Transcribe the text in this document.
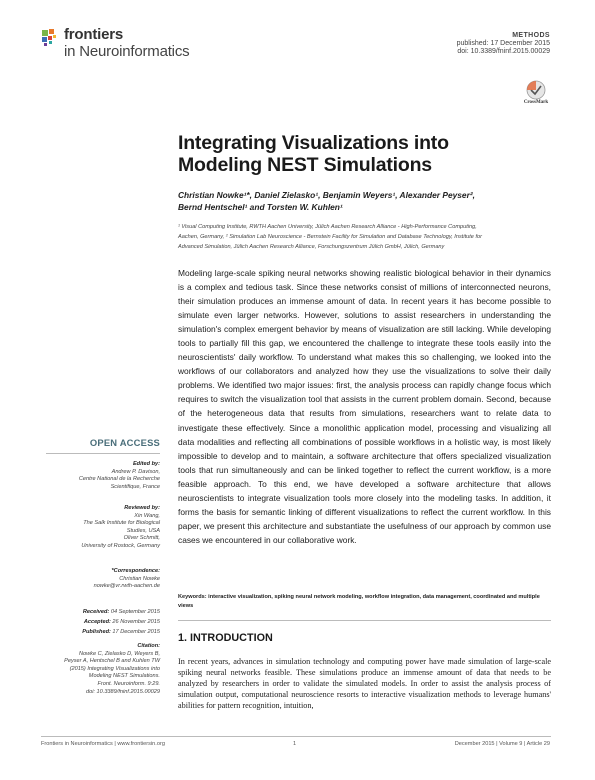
frontiers
in Neuroinformatics
METHODS
published: 17 December 2015
doi: 10.3389/fninf.2015.00029
CrossMark
Integrating Visualizations into
Modeling NEST Simulations
Christian Nowke¹*, Daniel Zielasko¹, Benjamin Weyers¹, Alexander Peyser²,
Bernd Hentschel¹ and Torsten W. Kuhlen¹
¹ Visual Computing Institute, RWTH Aachen University, Jülich Aachen Research Alliance - High-Performance Computing,
Aachen, Germany, ² Simulation Lab Neuroscience - Bernstein Facility for Simulation and Database Technology, Institute for
Advanced Simulation, Jülich Aachen Research Alliance, Forschungszentrum Jülich GmbH, Jülich, Germany

Modeling large-scale spiking neural networks showing realistic biological behavior in their dynamics is a complex and tedious task. Since these networks consist of millions of interconnected neurons, their simulation produces an immense amount of data. In recent years it has become possible to simulate even larger networks. However, solutions to assist researchers in understanding the simulation's complex emergent behavior by means of visualization are still lacking. While developing tools to partially fill this gap, we encountered the challenge to integrate these tools easily into the neuroscientists' daily workflow. To understand what makes this so challenging, we looked into the workflows of our collaborators and analyzed how they use the visualizations to solve their daily problems. We identified two major issues: first, the analysis process can rapidly change focus which requires to switch the visualization tool that assists in the current problem domain. Second, because of the heterogeneous data that results from simulations, researchers want to relate data to investigate these effectively. Since a monolithic application model, processing and visualizing all data modalities and reflecting all combinations of possible workflows in a holistic way, is most likely impossible to develop and to maintain, a software architecture that offers specialized visualization tools that run simultaneously and can be linked together to reflect the current workflow, is a more feasible approach. To this end, we have developed a software architecture that allows neuroscientists to integrate visualization tools more closely into the modeling tasks. In addition, it forms the basis for semantic linking of different visualizations to reflect the current workflow. In this paper, we present this architecture and substantiate the usefulness of our approach by common use cases we encountered in our collaborative work.

Keywords: interactive visualization, spiking neural network modeling, workflow integration, data management, coordinated and multiple views
1. INTRODUCTION

In recent years, advances in simulation technology and computing power have made simulation of large-scale spiking neural networks feasible. These simulations produce an immense amount of data that needs to be analyzed by researchers in order to validate the simulated models. In order to assist the analysis process of simulation output, computational neuroscience resorts to interactive visualization methods to leverage humans' abilities for pattern recognition, intuition,

OPEN ACCESS
Edited by:
Andrew P. Davison,
Centre National de la Recherche
Scientifique, France
Reviewed by:
Xin Wang,
The Salk Institute for Biological
Studies, USA
Oliver Schmitt,
University of Rostock, Germany
*Correspondence:
Christian Nowke
nowke@vr.rwth-aachen.de
Received: 04 September 2015
Accepted: 26 November 2015
Published: 17 December 2015
Citation:
Nowke C, Zielasko D, Weyers B,
Peyser A, Hentschel B and Kuhlen TW
(2015) Integrating Visualizations into
Modeling NEST Simulations.
Front. Neuroinform. 9:29.
doi: 10.3389/fninf.2015.00029
Frontiers in Neuroinformatics | www.frontiersin.org	1	December 2015 | Volume 9 | Article 29
